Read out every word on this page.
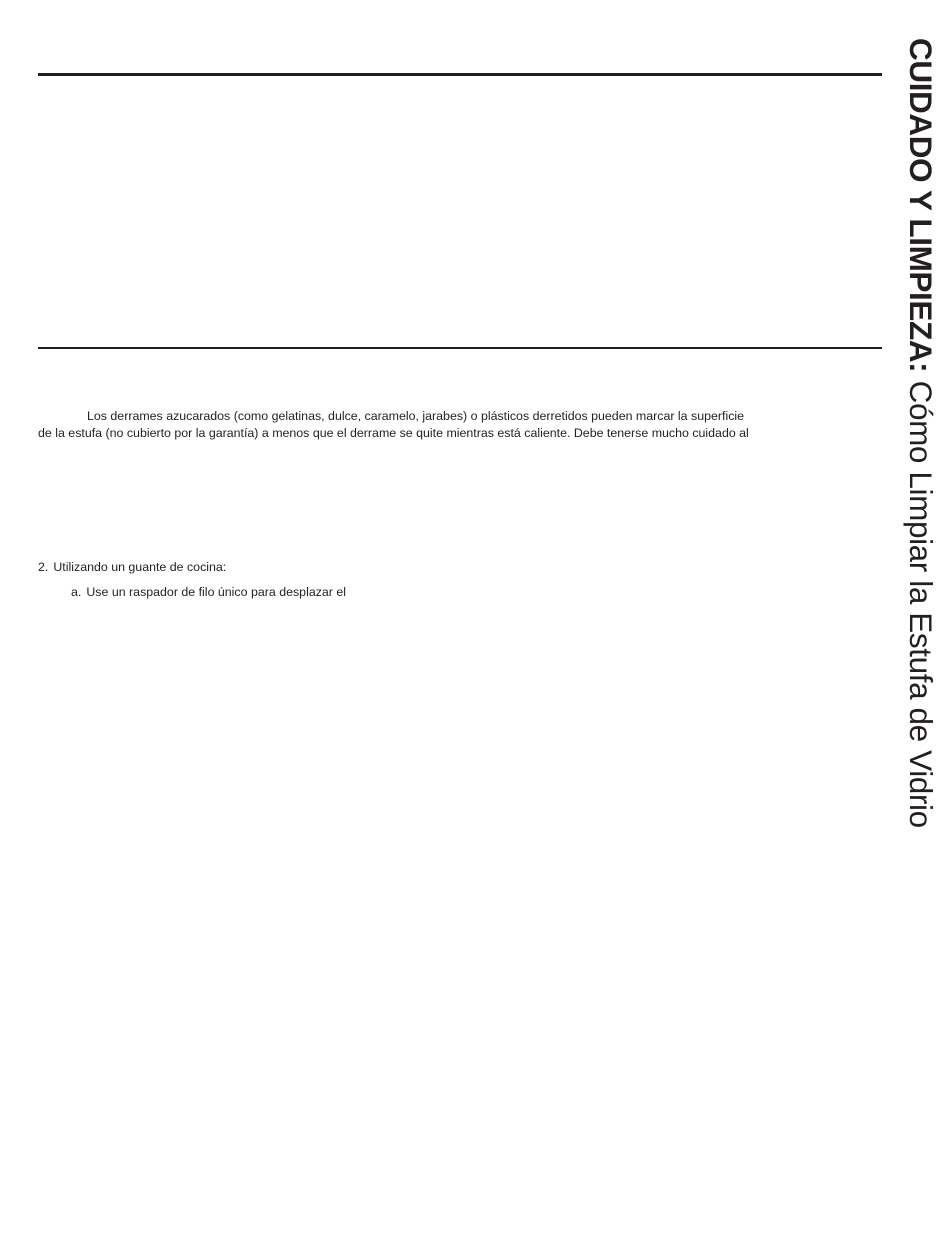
Los derrames azucarados (como gelatinas, dulce, caramelo, jarabes) o plásticos derretidos pueden marcar la superficie
de la estufa (no cubierto por la garantía) a menos que el derrame se quite mientras está caliente. Debe tenerse mucho cuidado al
2. Utilizando un guante de cocina:
a. Use un raspador de filo único para desplazar el
CUIDADO Y LIMPIEZA: Cómo Limpiar la Estufa de Vidrio
